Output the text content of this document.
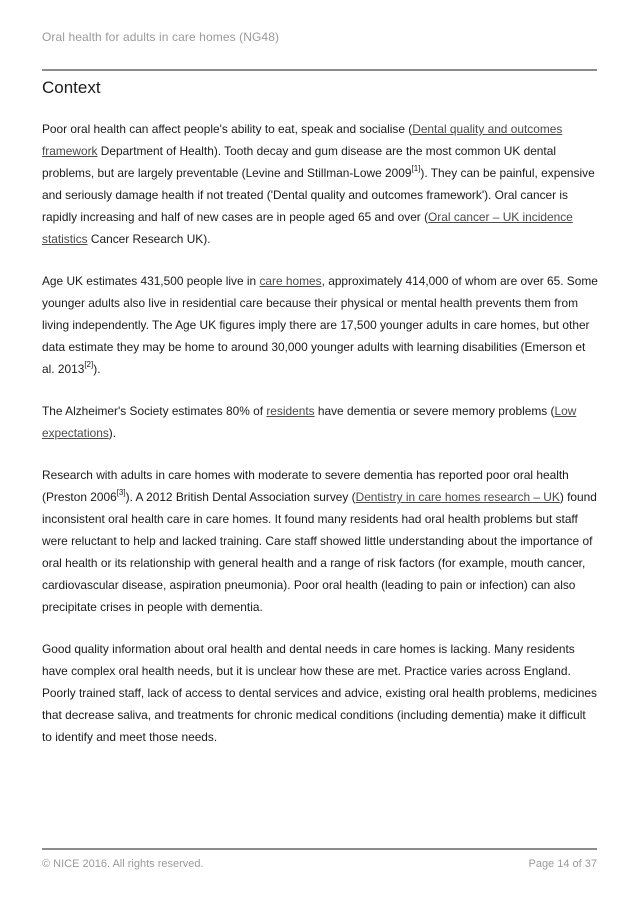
Oral health for adults in care homes (NG48)
Context

Poor oral health can affect people's ability to eat, speak and socialise (Dental quality and outcomes framework Department of Health). Tooth decay and gum disease are the most common UK dental problems, but are largely preventable (Levine and Stillman-Lowe 2009[1]). They can be painful, expensive and seriously damage health if not treated ('Dental quality and outcomes framework'). Oral cancer is rapidly increasing and half of new cases are in people aged 65 and over (Oral cancer – UK incidence statistics Cancer Research UK).

Age UK estimates 431,500 people live in care homes, approximately 414,000 of whom are over 65. Some younger adults also live in residential care because their physical or mental health prevents them from living independently. The Age UK figures imply there are 17,500 younger adults in care homes, but other data estimate they may be home to around 30,000 younger adults with learning disabilities (Emerson et al. 2013[2]).

The Alzheimer's Society estimates 80% of residents have dementia or severe memory problems (Low expectations).

Research with adults in care homes with moderate to severe dementia has reported poor oral health (Preston 2006[3]). A 2012 British Dental Association survey (Dentistry in care homes research – UK) found inconsistent oral health care in care homes. It found many residents had oral health problems but staff were reluctant to help and lacked training. Care staff showed little understanding about the importance of oral health or its relationship with general health and a range of risk factors (for example, mouth cancer, cardiovascular disease, aspiration pneumonia). Poor oral health (leading to pain or infection) can also precipitate crises in people with dementia.

Good quality information about oral health and dental needs in care homes is lacking. Many residents have complex oral health needs, but it is unclear how these are met. Practice varies across England. Poorly trained staff, lack of access to dental services and advice, existing oral health problems, medicines that decrease saliva, and treatments for chronic medical conditions (including dementia) make it difficult to identify and meet those needs.

© NICE 2016. All rights reserved.	Page 14 of 37
